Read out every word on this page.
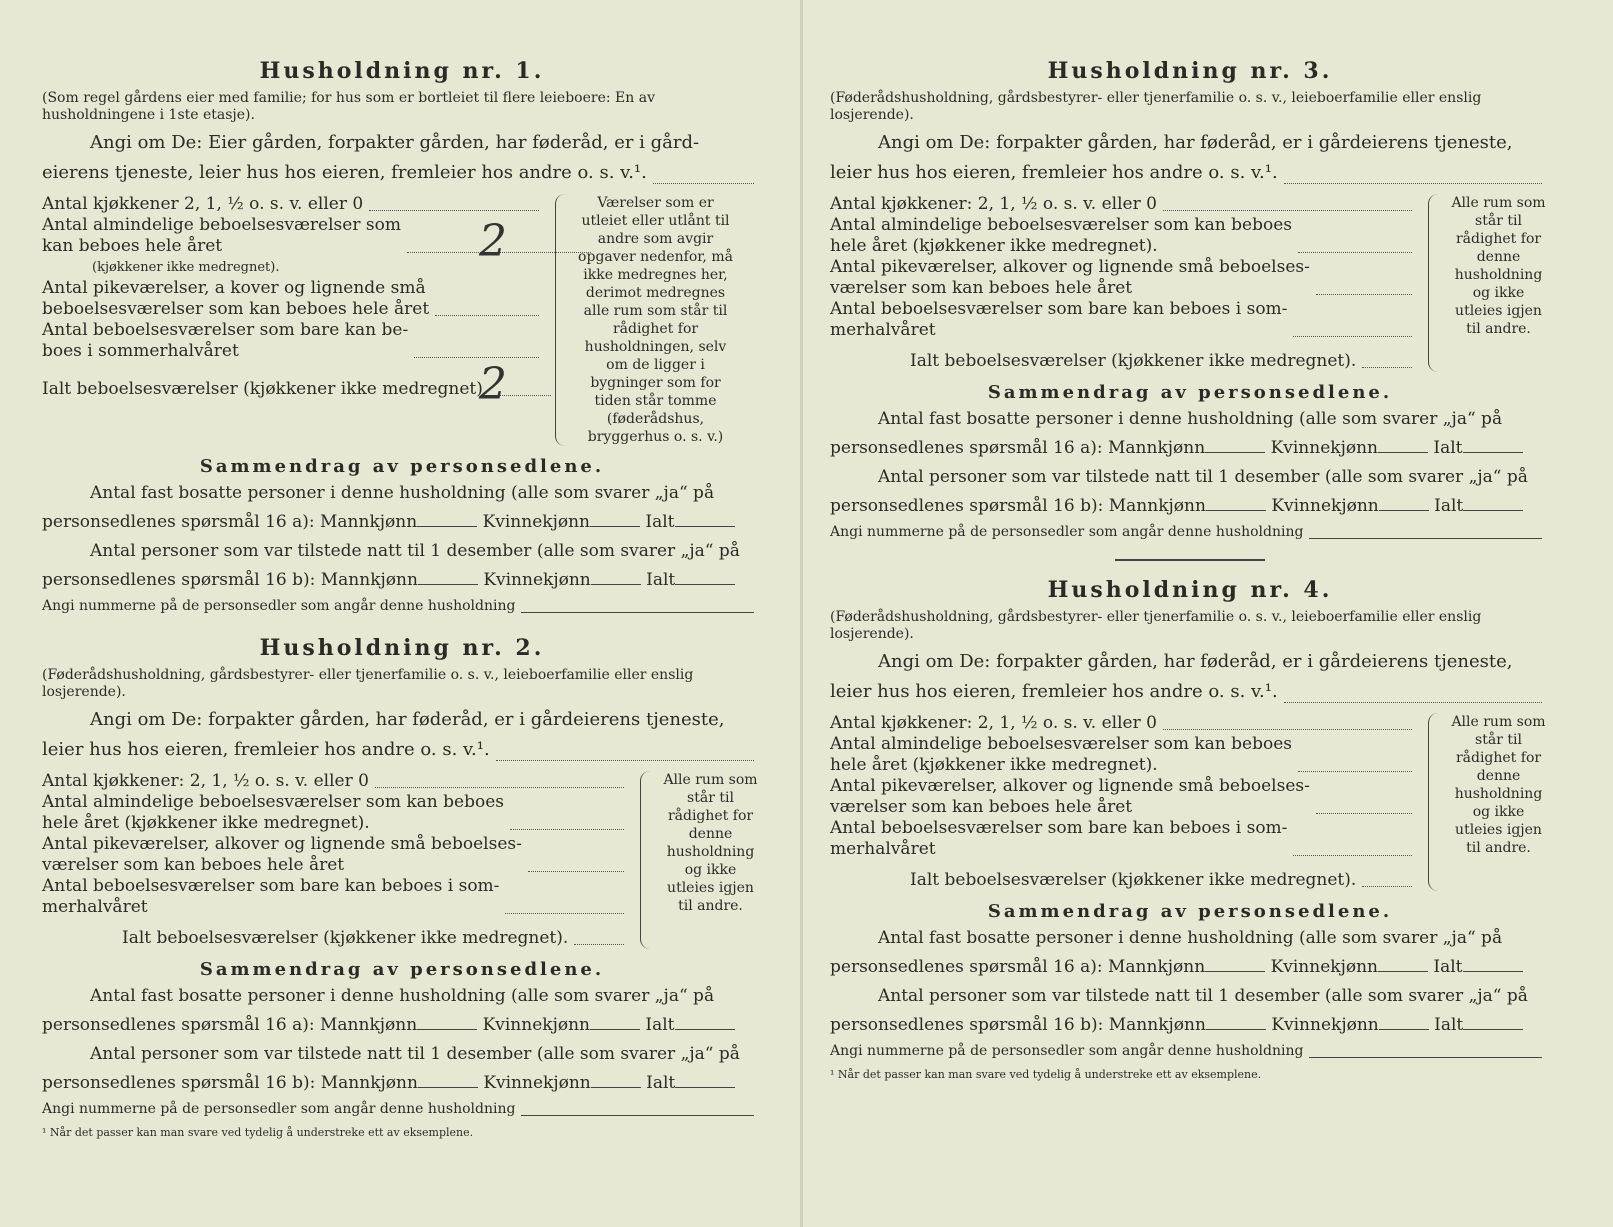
Husholdning nr. 1.
(Som regel gårdens eier med familie; for hus som er bortleiet til flere leieboere: En av husholdningene i 1ste etasje).

Angi om De: Eier gården, forpakter gården, har føderåd, er i gård-

eierens tjeneste, leier hus hos eieren, fremleier hos andre o. s. v.¹.
Antal kjøkkener 2, 1, ½ o. s. v. eller 0
Antal almindelige beboelsesværelser som
kan beboes hele året	2
(kjøkkener ikke medregnet).
Antal pikeværelser, a kover og lignende små
beboelsesværelser som kan beboes hele året
Antal beboelsesværelser som bare kan be-
boes i sommerhalvåret
Ialt beboelsesværelser (kjøkkener ikke medregnet).
2
Værelser som er utleiet eller utlånt til andre som avgir opgaver nedenfor, må ikke medregnes her, derimot medregnes alle rum som står til rådighet for husholdningen, selv om de ligger i bygninger som for tiden står tomme (føderådshus, bryggerhus o. s. v.)
Sammendrag av personsedlene.

Antal fast bosatte personer i denne husholdning (alle som svarer „ja“ på

personsedlenes spørsmål 16 a): Mannkjønn	Kvinnekjønn	Ialt

Antal personer som var tilstede natt til 1 desember (alle som svarer „ja“ på

personsedlenes spørsmål 16 b): Mannkjønn	Kvinnekjønn	Ialt

Angi nummerne på de personsedler som angår denne husholdning
Husholdning nr. 2.
(Føderådshusholdning, gårdsbestyrer- eller tjenerfamilie o. s. v., leieboerfamilie eller enslig losjerende).

Angi om De: forpakter gården, har føderåd, er i gårdeierens tjeneste,

leier hus hos eieren, fremleier hos andre o. s. v.¹.
Antal kjøkkener: 2, 1, ½ o. s. v. eller 0
Antal almindelige beboelsesværelser som kan beboes
hele året (kjøkkener ikke medregnet).
Antal pikeværelser, alkover og lignende små beboelses-
værelser som kan beboes hele året
Antal beboelsesværelser som bare kan beboes i som-
merhalvåret
Ialt beboelsesværelser (kjøkkener ikke medregnet).
Alle rum som står til rådighet for denne husholdning og ikke utleies igjen til andre.
Sammendrag av personsedlene.

Antal fast bosatte personer i denne husholdning (alle som svarer „ja“ på

personsedlenes spørsmål 16 a): Mannkjønn	Kvinnekjønn	Ialt

Antal personer som var tilstede natt til 1 desember (alle som svarer „ja“ på

personsedlenes spørsmål 16 b): Mannkjønn	Kvinnekjønn	Ialt

Angi nummerne på de personsedler som angår denne husholdning
¹ Når det passer kan man svare ved tydelig å understreke ett av eksemplene.
Husholdning nr. 3.
(Føderådshusholdning, gårdsbestyrer- eller tjenerfamilie o. s. v., leieboerfamilie eller enslig losjerende).

Angi om De: forpakter gården, har føderåd, er i gårdeierens tjeneste,

leier hus hos eieren, fremleier hos andre o. s. v.¹.
Antal kjøkkener: 2, 1, ½ o. s. v. eller 0
Antal almindelige beboelsesværelser som kan beboes
hele året (kjøkkener ikke medregnet).
Antal pikeværelser, alkover og lignende små beboelses-
værelser som kan beboes hele året
Antal beboelsesværelser som bare kan beboes i som-
merhalvåret
Ialt beboelsesværelser (kjøkkener ikke medregnet).
Alle rum som står til rådighet for denne husholdning og ikke utleies igjen til andre.
Sammendrag av personsedlene.

Antal fast bosatte personer i denne husholdning (alle som svarer „ja“ på

personsedlenes spørsmål 16 a): Mannkjønn	Kvinnekjønn	Ialt

Antal personer som var tilstede natt til 1 desember (alle som svarer „ja“ på

personsedlenes spørsmål 16 b): Mannkjønn	Kvinnekjønn	Ialt

Angi nummerne på de personsedler som angår denne husholdning
Husholdning nr. 4.
(Føderådshusholdning, gårdsbestyrer- eller tjenerfamilie o. s. v., leieboerfamilie eller enslig losjerende).

Angi om De: forpakter gården, har føderåd, er i gårdeierens tjeneste,

leier hus hos eieren, fremleier hos andre o. s. v.¹.
Antal kjøkkener: 2, 1, ½ o. s. v. eller 0
Antal almindelige beboelsesværelser som kan beboes
hele året (kjøkkener ikke medregnet).
Antal pikeværelser, alkover og lignende små beboelses-
værelser som kan beboes hele året
Antal beboelsesværelser som bare kan beboes i som-
merhalvåret
Ialt beboelsesværelser (kjøkkener ikke medregnet).
Alle rum som står til rådighet for denne husholdning og ikke utleies igjen til andre.
Sammendrag av personsedlene.

Antal fast bosatte personer i denne husholdning (alle som svarer „ja“ på

personsedlenes spørsmål 16 a): Mannkjønn	Kvinnekjønn	Ialt

Antal personer som var tilstede natt til 1 desember (alle som svarer „ja“ på

personsedlenes spørsmål 16 b): Mannkjønn	Kvinnekjønn	Ialt

Angi nummerne på de personsedler som angår denne husholdning
¹ Når det passer kan man svare ved tydelig å understreke ett av eksemplene.
